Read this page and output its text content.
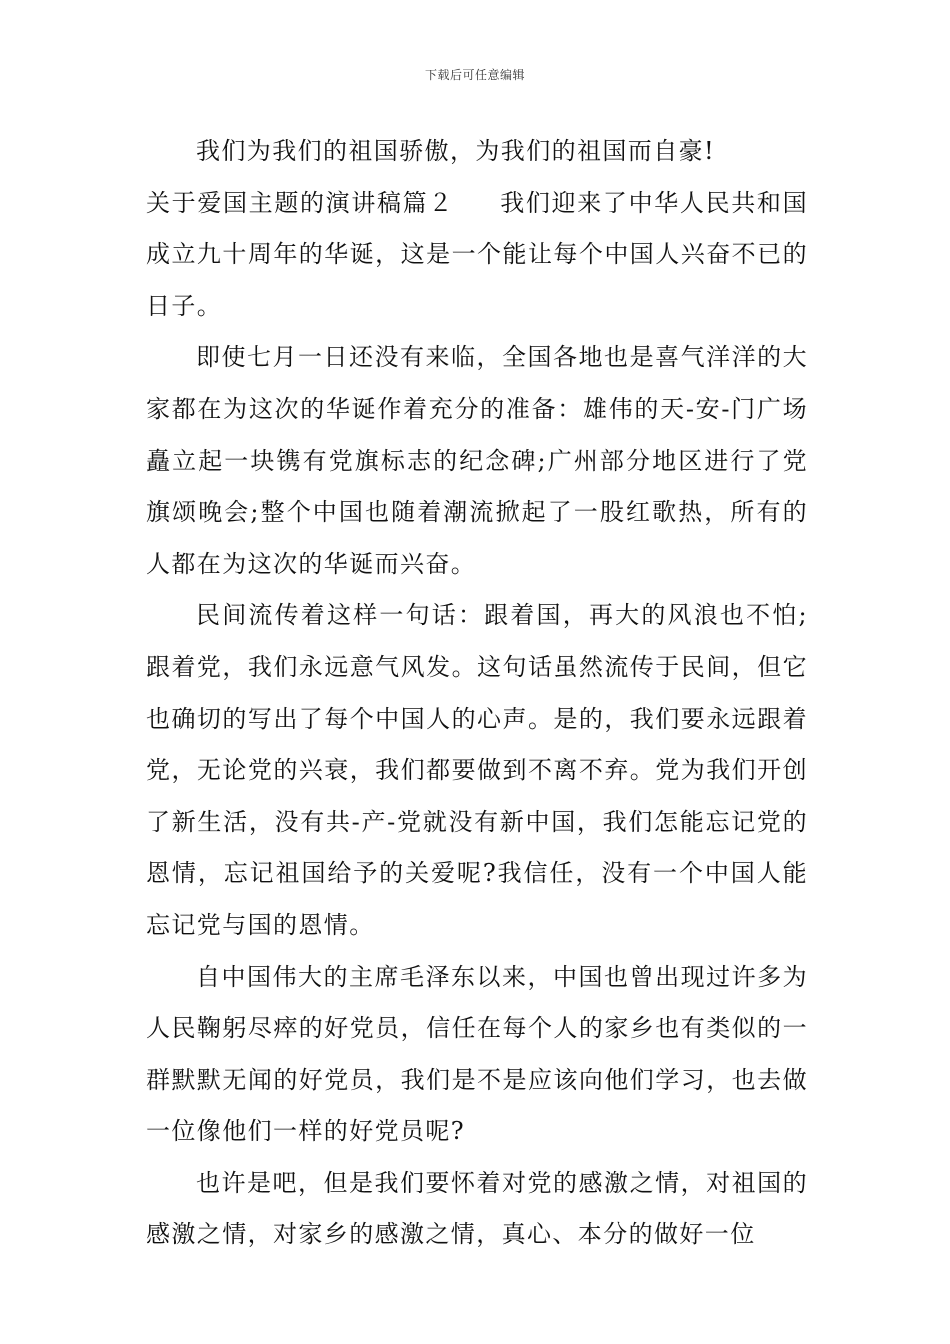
下载后可任意编辑

我们为我们的祖国骄傲，为我们的祖国而自豪!

关于爱国主题的演讲稿篇２ 我们迎来了中华人民共和国成立九十周年的华诞，这是一个能让每个中国人兴奋不已的日子。

即使七月一日还没有来临，全国各地也是喜气洋洋的大家都在为这次的华诞作着充分的准备：雄伟的天-安-门广场矗立起一块镌有党旗标志的纪念碑;广州部分地区进行了党旗颂晚会;整个中国也随着潮流掀起了一股红歌热，所有的人都在为这次的华诞而兴奋。

民间流传着这样一句话：跟着国，再大的风浪也不怕;跟着党，我们永远意气风发。这句话虽然流传于民间，但它也确切的写出了每个中国人的心声。是的，我们要永远跟着党，无论党的兴衰，我们都要做到不离不弃。党为我们开创了新生活，没有共-产-党就没有新中国，我们怎能忘记党的恩情，忘记祖国给予的关爱呢?我信任，没有一个中国人能忘记党与国的恩情。

自中国伟大的主席毛泽东以来，中国也曾出现过许多为人民鞠躬尽瘁的好党员，信任在每个人的家乡也有类似的一群默默无闻的好党员，我们是不是应该向他们学习，也去做一位像他们一样的好党员呢?

也许是吧，但是我们要怀着对党的感激之情，对祖国的感激之情，对家乡的感激之情，真心、本分的做好一位
